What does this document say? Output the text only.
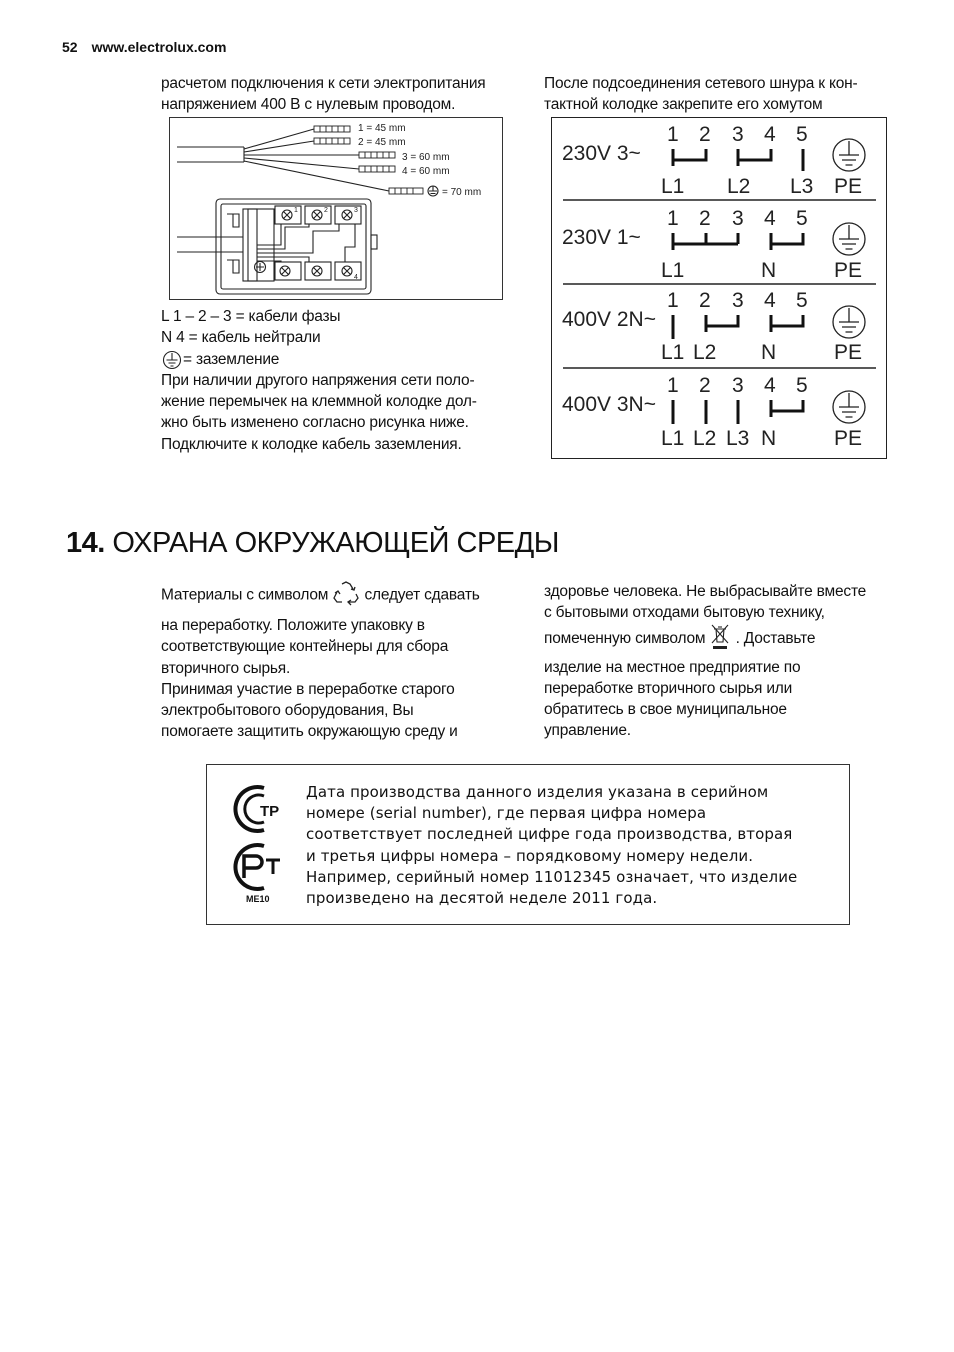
52 www.electrolux.com
расчетом подключения к сети электропитания
напряжением 400 В с нулевым проводом.
После подсоединения сетевого шнура к кон-
тактной колодке закрепите его хомутом
1 = 45 mm
2 = 45 mm
3 = 60 mm
4 = 60 mm
= 70 mm
1	2	3
4
L 1 – 2 – 3 = кабели фазы
N 4 = кабель нейтрали
= заземление
При наличии другого напряжения сети поло-
жение перемычек на клеммной колодке дол-
жно быть изменено согласно рисунка ниже.
Подключите к колодке кабель заземления.
230V 3~
1 2 3 4 5
L1 L2 L3 PE
230V 1~
1 2 3 4 5
L1	N	PE
400V 2N~
1 2 3 4 5
L1 L2 N	PE
400V 3N~
1 2 3 4 5
L1 L2 L3 N	PE
14. ОХРАНА ОКРУЖАЮЩЕЙ СРЕДЫ
Материалы с символом следует сдавать
на переработку. Положите упаковку в
соответствующие контейнеры для сбора
вторичного сырья.
Принимая участие в переработке старого
электробытового оборудования, Вы
помогаете защитить окружающую среду и
здоровье человека. Не выбрасывайте вместе
с бытовыми отходами бытовую технику,
помеченную символом . Доставьте
изделие на местное предприятие по
переработке вторичного сырья или
обратитесь в свое муниципальное
управление.
ТР
ME10
Дата производства данного изделия указана в серийном
номере (serial number), где первая цифра номера
соответствует последней цифре года производства, вторая
и третья цифры номера – порядковому номеру недели.
Например, серийный номер 11012345 означает, что изделие
произведено на десятой неделе 2011 года.
